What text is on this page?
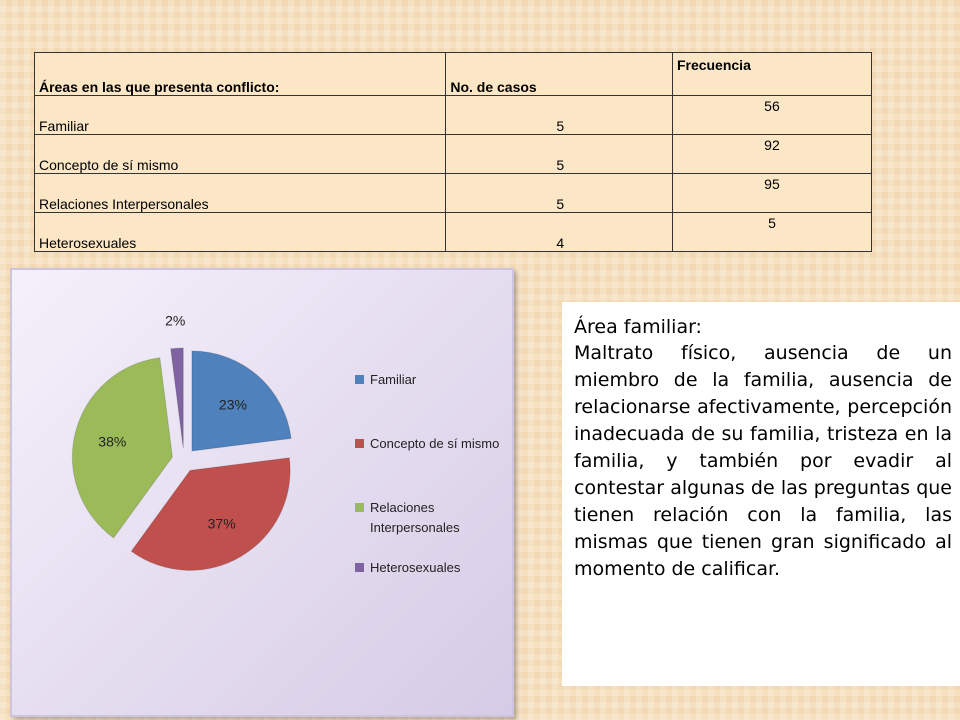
Áreas en las que presenta conflicto:	No. de casos	Frecuencia
Familiar	5	56
Concepto de sí mismo	5	92
Relaciones Interpersonales	5	95
Heterosexuales	4	5
23%
37%
38%
2%
Familiar
Concepto de sí mismo
Relaciones Interpersonales
Heterosexuales
Área familiar:
Maltrato físico, ausencia de un miembro de la familia, ausencia de relacionarse afectivamente, percepción inadecuada de su familia, tristeza en la familia, y también por evadir al contestar algunas de las preguntas que tienen relación con la familia, las mismas que tienen gran significado al momento de calificar.
